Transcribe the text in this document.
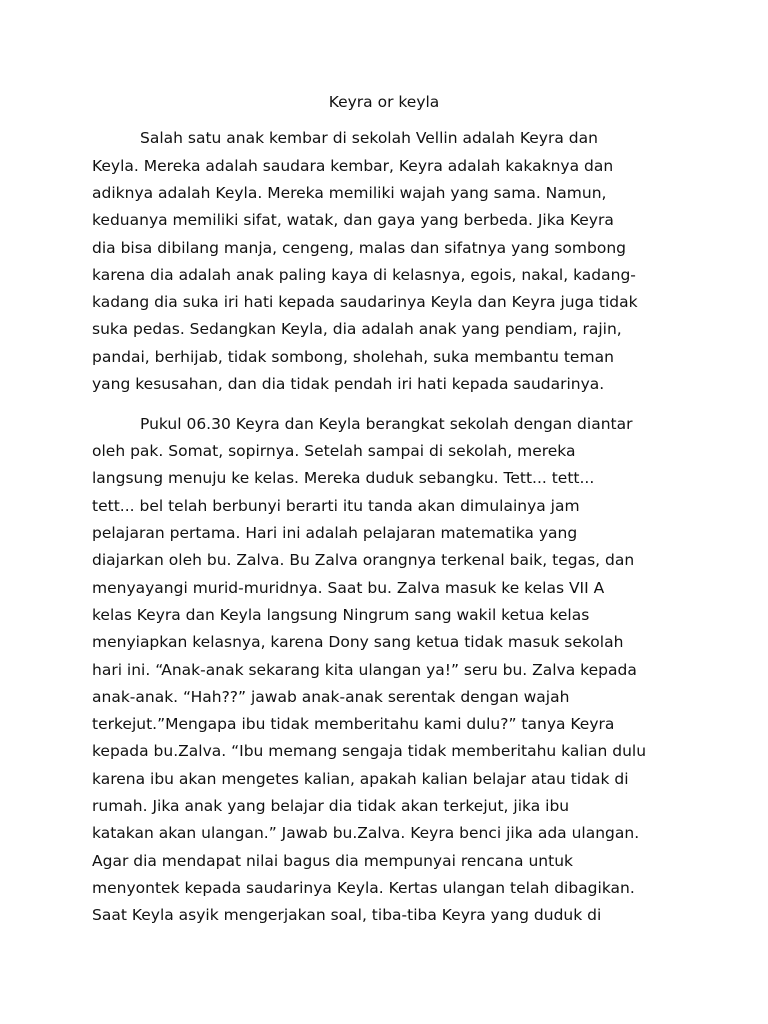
Keyra or keyla
Salah satu anak kembar di sekolah Vellin adalah Keyra dan
Keyla. Mereka adalah saudara kembar, Keyra adalah kakaknya dan
adiknya adalah Keyla. Mereka memiliki wajah yang sama. Namun,
keduanya memiliki sifat, watak, dan gaya yang berbeda. Jika Keyra
dia bisa dibilang manja, cengeng, malas dan sifatnya yang sombong
karena dia adalah anak paling kaya di kelasnya, egois, nakal, kadang-
kadang dia suka iri hati kepada saudarinya Keyla dan Keyra juga tidak
suka pedas. Sedangkan Keyla, dia adalah anak yang pendiam, rajin,
pandai, berhijab, tidak sombong, sholehah, suka membantu teman
yang kesusahan, dan dia tidak pendah iri hati kepada saudarinya.
Pukul 06.30 Keyra dan Keyla berangkat sekolah dengan diantar
oleh pak. Somat, sopirnya. Setelah sampai di sekolah, mereka
langsung menuju ke kelas. Mereka duduk sebangku. Tett... tett...
tett... bel telah berbunyi berarti itu tanda akan dimulainya jam
pelajaran pertama. Hari ini adalah pelajaran matematika yang
diajarkan oleh bu. Zalva. Bu Zalva orangnya terkenal baik, tegas, dan
menyayangi murid-muridnya. Saat bu. Zalva masuk ke kelas VII A
kelas Keyra dan Keyla langsung Ningrum sang wakil ketua kelas
menyiapkan kelasnya, karena Dony sang ketua tidak masuk sekolah
hari ini. “Anak-anak sekarang kita ulangan ya!” seru bu. Zalva kepada
anak-anak. “Hah??” jawab anak-anak serentak dengan wajah
terkejut.”Mengapa ibu tidak memberitahu kami dulu?” tanya Keyra
kepada bu.Zalva. “Ibu memang sengaja tidak memberitahu kalian dulu
karena ibu akan mengetes kalian, apakah kalian belajar atau tidak di
rumah. Jika anak yang belajar dia tidak akan terkejut, jika ibu
katakan akan ulangan.” Jawab bu.Zalva. Keyra benci jika ada ulangan.
Agar dia mendapat nilai bagus dia mempunyai rencana untuk
menyontek kepada saudarinya Keyla. Kertas ulangan telah dibagikan.
Saat Keyla asyik mengerjakan soal, tiba-tiba Keyra yang duduk di
